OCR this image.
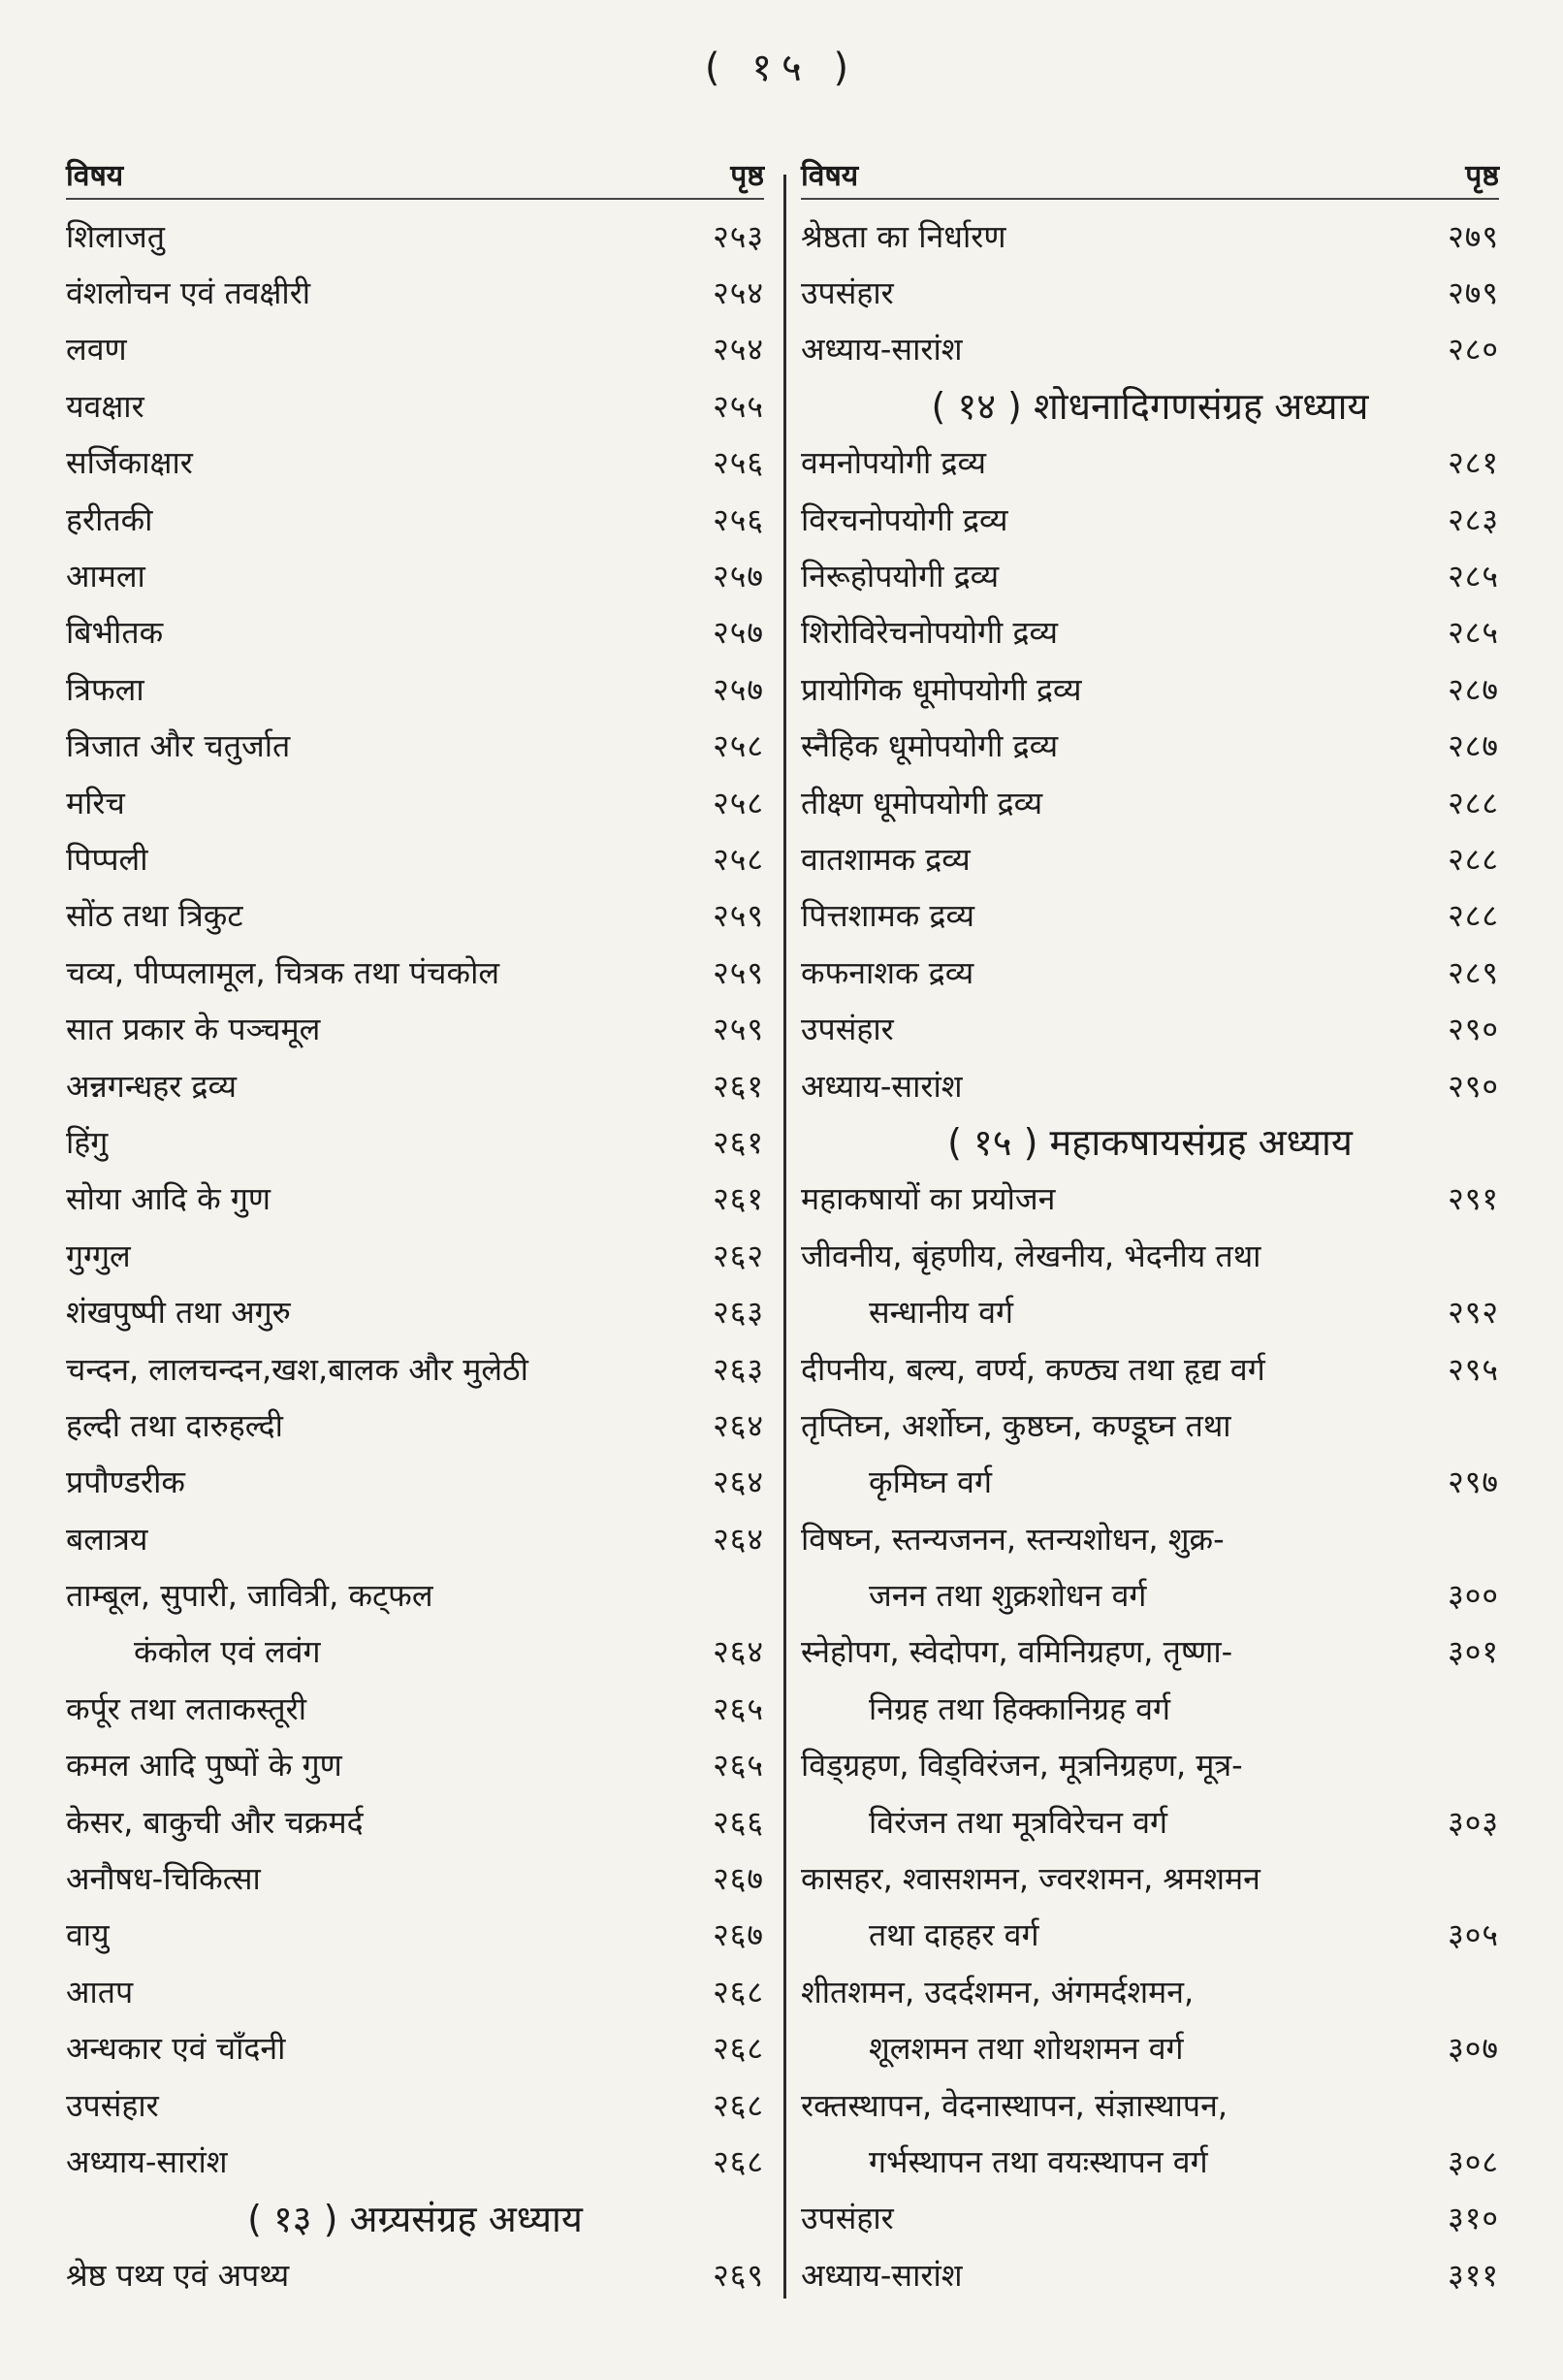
( १५ )
विषय	पृष्ठ
शिलाजतु	२५३
वंशलोचन एवं तवक्षीरी	२५४
लवण	२५४
यवक्षार	२५५
सर्जिकाक्षार	२५६
हरीतकी	२५६
आमला	२५७
बिभीतक	२५७
त्रिफला	२५७
त्रिजात और चतुर्जात	२५८
मरिच	२५८
पिप्पली	२५८
सोंठ तथा त्रिकुट	२५९
चव्य, पीप्पलामूल, चित्रक तथा पंचकोल	२५९
सात प्रकार के पञ्चमूल	२५९
अन्नगन्धहर द्रव्य	२६१
हिंगु	२६१
सोया आदि के गुण	२६१
गुग्गुल	२६२
शंखपुष्पी तथा अगुरु	२६३
चन्दन, लालचन्दन,खश,बालक और मुलेठी	२६३
हल्दी तथा दारुहल्दी	२६४
प्रपौण्डरीक	२६४
बलात्रय	२६४
ताम्बूल, सुपारी, जावित्री, कट्फल
कंकोल एवं लवंग	२६४
कर्पूर तथा लताकस्तूरी	२६५
कमल आदि पुष्पों के गुण	२६५
केसर, बाकुची और चक्रमर्द	२६६
अनौषध-चिकित्सा	२६७
वायु	२६७
आतप	२६८
अन्धकार एवं चाँदनी	२६८
उपसंहार	२६८
अध्याय-सारांश	२६८
( १३ ) अग्र्यसंग्रह अध्याय
श्रेष्ठ पथ्य एवं अपथ्य	२६९
विषय	पृष्ठ
श्रेष्ठता का निर्धारण	२७९
उपसंहार	२७९
अध्याय-सारांश	२८०
( १४ ) शोधनादिगणसंग्रह अध्याय
वमनोपयोगी द्रव्य	२८१
विरचनोपयोगी द्रव्य	२८३
निरूहोपयोगी द्रव्य	२८५
शिरोविरेचनोपयोगी द्रव्य	२८५
प्रायोगिक धूमोपयोगी द्रव्य	२८७
स्नैहिक धूमोपयोगी द्रव्य	२८७
तीक्ष्ण धूमोपयोगी द्रव्य	२८८
वातशामक द्रव्य	२८८
पित्तशामक द्रव्य	२८८
कफनाशक द्रव्य	२८९
उपसंहार	२९०
अध्याय-सारांश	२९०
( १५ ) महाकषायसंग्रह अध्याय
महाकषायों का प्रयोजन	२९१
जीवनीय, बृंहणीय, लेखनीय, भेदनीय तथा
सन्धानीय वर्ग	२९२
दीपनीय, बल्य, वर्ण्य, कण्ठ्य तथा हृद्य वर्ग	२९५
तृप्तिघ्न, अर्शोघ्न, कुष्ठघ्न, कण्डूघ्न तथा
कृमिघ्न वर्ग	२९७
विषघ्न, स्तन्यजनन, स्तन्यशोधन, शुक्र-
जनन तथा शुक्रशोधन वर्ग	३००
स्नेहोपग, स्वेदोपग, वमिनिग्रहण, तृष्णा-	३०१
निग्रह तथा हिक्कानिग्रह वर्ग
विड्ग्रहण, विड्विरंजन, मूत्रनिग्रहण, मूत्र-
विरंजन तथा मूत्रविरेचन वर्ग	३०३
कासहर, श्वासशमन, ज्वरशमन, श्रमशमन
तथा दाहहर वर्ग	३०५
शीतशमन, उदर्दशमन, अंगमर्दशमन,
शूलशमन तथा शोथशमन वर्ग	३०७
रक्तस्थापन, वेदनास्थापन, संज्ञास्थापन,
गर्भस्थापन तथा वयःस्थापन वर्ग	३०८
उपसंहार	३१०
अध्याय-सारांश	३११
